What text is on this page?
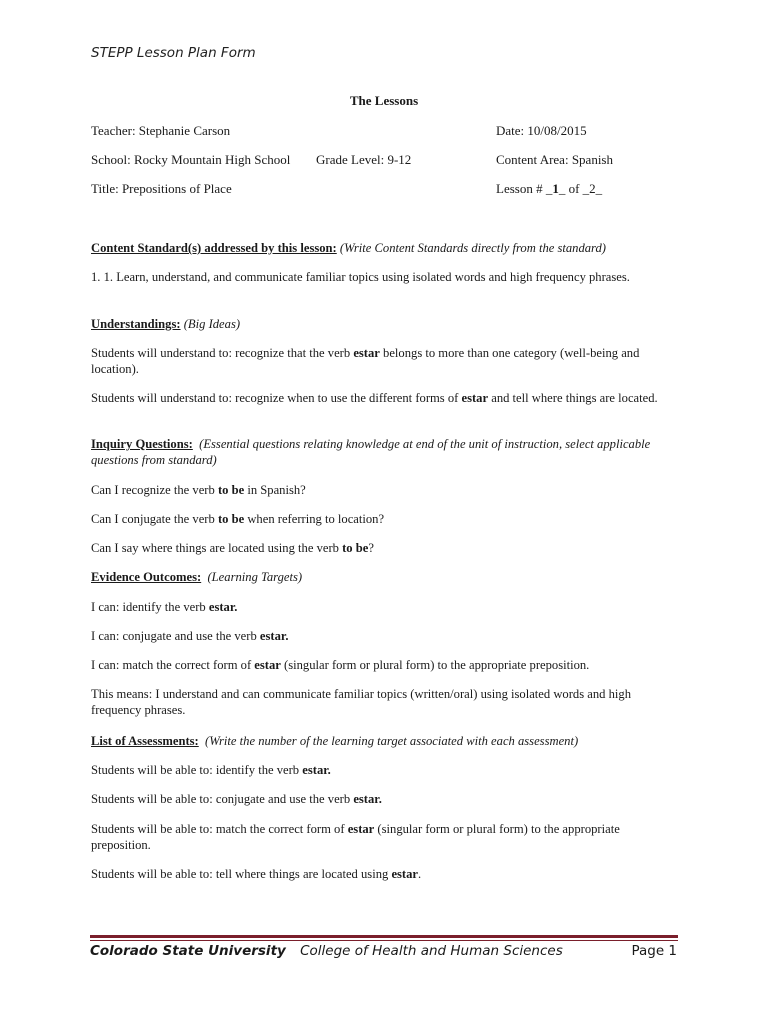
STEPP Lesson Plan Form
The Lessons
Teacher: Stephanie Carson	Date: 10/08/2015
School: Rocky Mountain High School Grade Level: 9-12	Content Area: Spanish
Title: Prepositions of Place	Lesson # _1_ of _2_
Content Standard(s) addressed by this lesson: (Write Content Standards directly from the standard)
1. 1. Learn, understand, and communicate familiar topics using isolated words and high frequency phrases.
Understandings: (Big Ideas)
Students will understand to: recognize that the verb estar belongs to more than one category (well-being and location).
Students will understand to: recognize when to use the different forms of estar and tell where things are located.
Inquiry Questions: (Essential questions relating knowledge at end of the unit of instruction, select applicable questions from standard)
Can I recognize the verb to be in Spanish?
Can I conjugate the verb to be when referring to location?
Can I say where things are located using the verb to be?
Evidence Outcomes: (Learning Targets)
I can: identify the verb estar.
I can: conjugate and use the verb estar.
I can: match the correct form of estar (singular form or plural form) to the appropriate preposition.
This means: I understand and can communicate familiar topics (written/oral) using isolated words and high frequency phrases.
List of Assessments: (Write the number of the learning target associated with each assessment)
Students will be able to: identify the verb estar.
Students will be able to: conjugate and use the verb estar.
Students will be able to: match the correct form of estar (singular form or plural form) to the appropriate preposition.
Students will be able to: tell where things are located using estar.
Colorado State University College of Health and Human Sciences	Page 1
